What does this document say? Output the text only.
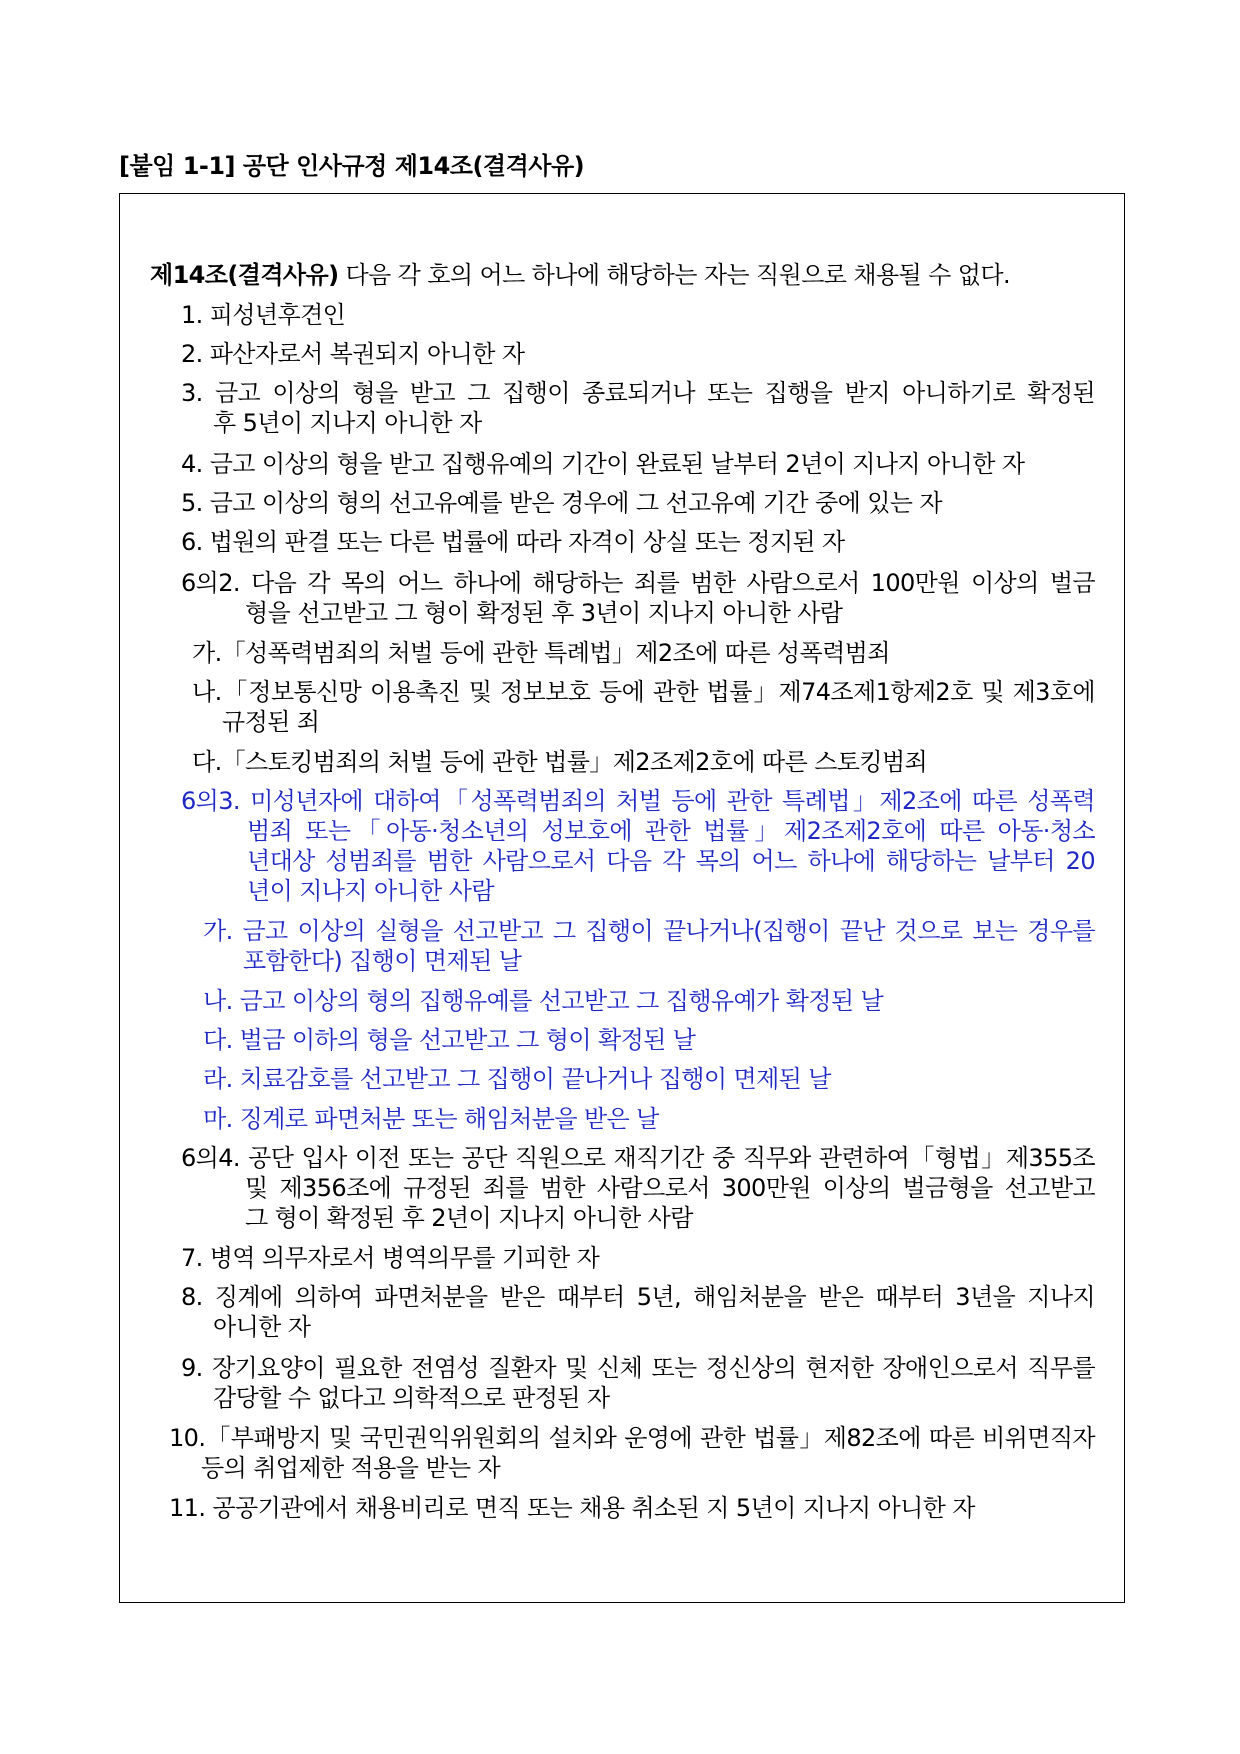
[붙임 1-1] 공단 인사규정 제14조(결격사유)
제14조(결격사유) 다음 각 호의 어느 하나에 해당하는 자는 직원으로 채용될 수 없다.
1. 피성년후견인
2. 파산자로서 복권되지 아니한 자
3. 금고 이상의 형을 받고 그 집행이 종료되거나 또는 집행을 받지 아니하기로 확정된
후 5년이 지나지 아니한 자
4. 금고 이상의 형을 받고 집행유예의 기간이 완료된 날부터 2년이 지나지 아니한 자
5. 금고 이상의 형의 선고유예를 받은 경우에 그 선고유예 기간 중에 있는 자
6. 법원의 판결 또는 다른 법률에 따라 자격이 상실 또는 정지된 자
6의2. 다음 각 목의 어느 하나에 해당하는 죄를 범한 사람으로서 100만원 이상의 벌금
형을 선고받고 그 형이 확정된 후 3년이 지나지 아니한 사람
가.「성폭력범죄의 처벌 등에 관한 특례법」제2조에 따른 성폭력범죄
나.「정보통신망 이용촉진 및 정보보호 등에 관한 법률」제74조제1항제2호 및 제3호에
규정된 죄
다.「스토킹범죄의 처벌 등에 관한 법률」제2조제2호에 따른 스토킹범죄
6의3. 미성년자에 대하여「성폭력범죄의 처벌 등에 관한 특례법」제2조에 따른 성폭력
범죄 또는「아동·청소년의 성보호에 관한 법률」제2조제2호에 따른 아동·청소
년대상 성범죄를 범한 사람으로서 다음 각 목의 어느 하나에 해당하는 날부터 20
년이 지나지 아니한 사람
가. 금고 이상의 실형을 선고받고 그 집행이 끝나거나(집행이 끝난 것으로 보는 경우를
포함한다) 집행이 면제된 날
나. 금고 이상의 형의 집행유예를 선고받고 그 집행유예가 확정된 날
다. 벌금 이하의 형을 선고받고 그 형이 확정된 날
라. 치료감호를 선고받고 그 집행이 끝나거나 집행이 면제된 날
마. 징계로 파면처분 또는 해임처분을 받은 날
6의4. 공단 입사 이전 또는 공단 직원으로 재직기간 중 직무와 관련하여「형법」제355조
및 제356조에 규정된 죄를 범한 사람으로서 300만원 이상의 벌금형을 선고받고
그 형이 확정된 후 2년이 지나지 아니한 사람
7. 병역 의무자로서 병역의무를 기피한 자
8. 징계에 의하여 파면처분을 받은 때부터 5년, 해임처분을 받은 때부터 3년을 지나지
아니한 자
9. 장기요양이 필요한 전염성 질환자 및 신체 또는 정신상의 현저한 장애인으로서 직무를
감당할 수 없다고 의학적으로 판정된 자
10.「부패방지 및 국민권익위원회의 설치와 운영에 관한 법률」제82조에 따른 비위면직자
등의 취업제한 적용을 받는 자
11. 공공기관에서 채용비리로 면직 또는 채용 취소된 지 5년이 지나지 아니한 자
